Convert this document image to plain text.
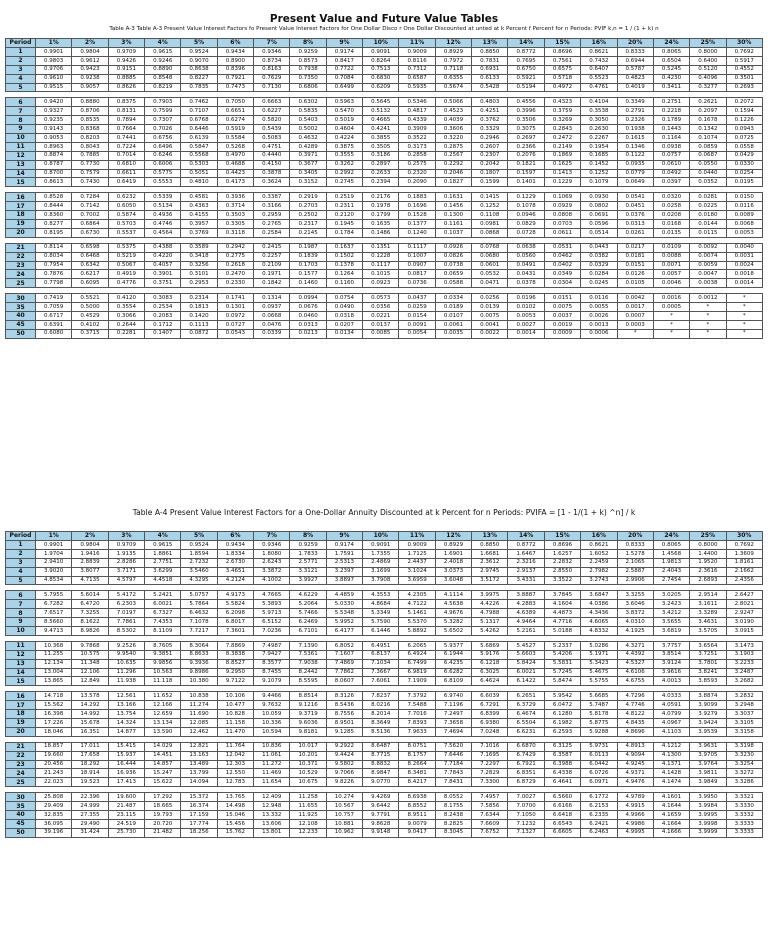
Present Value and Future Value Tables
Table A-3 Table A-3 Present Value Interest Factors fo Present Value Interest Factors for One Dollar Disco r One Dollar Discounted at unted at k Percent f Percent for n Periods: PVIF k,n = 1 / (1 + k) n
Period	1%	2%	3%	4%	5%	6%	7%	8%	9%	10%	11%	12%	13%	14%	15%	16%	20%	24%	25%	30%
1	0.9901	0.9804	0.9709	0.9615	0.9524	0.9434	0.9346	0.9259	0.9174	0.9091	0.9009	0.8929	0.8850	0.8772	0.8696	0.8621	0.8333	0.8065	0.8000	0.7692
2	0.9803	0.9612	0.9426	0.9246	0.9070	0.8900	0.8734	0.8573	0.8417	0.8264	0.8116	0.7972	0.7831	0.7695	0.7561	0.7432	0.6944	0.6504	0.6400	0.5917
3	0.9706	0.9423	0.9151	0.8890	0.8638	0.8396	0.8163	0.7938	0.7722	0.7513	0.7312	0.7118	0.6931	0.6750	0.6575	0.6407	0.5787	0.5245	0.5120	0.4552
4	0.9610	0.9238	0.8885	0.8548	0.8227	0.7921	0.7629	0.7350	0.7084	0.6830	0.6587	0.6355	0.6133	0.5921	0.5718	0.5523	0.4823	0.4230	0.4096	0.3501
5	0.9515	0.9057	0.8626	0.8219	0.7835	0.7473	0.7130	0.6806	0.6499	0.6209	0.5935	0.5674	0.5428	0.5194	0.4972	0.4761	0.4019	0.3411	0.3277	0.2693

6	0.9420	0.8880	0.8375	0.7903	0.7462	0.7050	0.6663	0.6302	0.5963	0.5645	0.5346	0.5066	0.4803	0.4556	0.4323	0.4104	0.3349	0.2751	0.2621	0.2072
7	0.9327	0.8706	0.8131	0.7599	0.7107	0.6651	0.6227	0.5835	0.5470	0.5132	0.4817	0.4523	0.4251	0.3996	0.3759	0.3538	0.2791	0.2218	0.2097	0.1594
8	0.9235	0.8535	0.7894	0.7307	0.6768	0.6274	0.5820	0.5403	0.5019	0.4665	0.4339	0.4039	0.3762	0.3506	0.3269	0.3050	0.2326	0.1789	0.1678	0.1226
9	0.9143	0.8368	0.7664	0.7026	0.6446	0.5919	0.5439	0.5002	0.4604	0.4241	0.3909	0.3606	0.3329	0.3075	0.2843	0.2630	0.1938	0.1443	0.1342	0.0943
10	0.9053	0.8203	0.7441	0.6756	0.6139	0.5584	0.5083	0.4632	0.4224	0.3855	0.3522	0.3220	0.2946	0.2697	0.2472	0.2267	0.1615	0.1164	0.1074	0.0725
11	0.8963	0.8043	0.7224	0.6496	0.5847	0.5268	0.4751	0.4289	0.3875	0.3505	0.3173	0.2875	0.2607	0.2366	0.2149	0.1954	0.1346	0.0938	0.0859	0.0558
12	0.8874	0.7885	0.7014	0.6246	0.5568	0.4970	0.4440	0.3971	0.3555	0.3186	0.2858	0.2567	0.2307	0.2076	0.1869	0.1685	0.1122	0.0757	0.0687	0.0429
13	0.8787	0.7730	0.6810	0.6006	0.5303	0.4688	0.4150	0.3677	0.3262	0.2897	0.2575	0.2292	0.2042	0.1821	0.1625	0.1452	0.0935	0.0610	0.0550	0.0330
14	0.8700	0.7579	0.6611	0.5775	0.5051	0.4423	0.3878	0.3405	0.2992	0.2633	0.2320	0.2046	0.1807	0.1597	0.1413	0.1252	0.0779	0.0492	0.0440	0.0254
15	0.8613	0.7430	0.6419	0.5553	0.4810	0.4173	0.3624	0.3152	0.2745	0.2394	0.2090	0.1827	0.1599	0.1401	0.1229	0.1079	0.0649	0.0397	0.0352	0.0195

16	0.8528	0.7284	0.6232	0.5339	0.4581	0.3936	0.3387	0.2919	0.2519	0.2176	0.1883	0.1631	0.1415	0.1229	0.1069	0.0930	0.0541	0.0320	0.0281	0.0150
17	0.8444	0.7142	0.6050	0.5134	0.4363	0.3714	0.3166	0.2703	0.2311	0.1978	0.1696	0.1456	0.1252	0.1078	0.0929	0.0802	0.0451	0.0258	0.0225	0.0116
18	0.8360	0.7002	0.5874	0.4936	0.4155	0.3503	0.2959	0.2502	0.2120	0.1799	0.1528	0.1300	0.1108	0.0946	0.0808	0.0691	0.0376	0.0208	0.0180	0.0089
19	0.8277	0.6864	0.5703	0.4746	0.3957	0.3305	0.2765	0.2317	0.1945	0.1635	0.1377	0.1161	0.0981	0.0829	0.0703	0.0596	0.0313	0.0168	0.0144	0.0068
20	0.8195	0.6730	0.5537	0.4564	0.3769	0.3118	0.2584	0.2145	0.1784	0.1486	0.1240	0.1037	0.0868	0.0728	0.0611	0.0514	0.0261	0.0135	0.0115	0.0053

21	0.8114	0.6598	0.5375	0.4388	0.3589	0.2942	0.2415	0.1987	0.1637	0.1351	0.1117	0.0926	0.0768	0.0638	0.0531	0.0443	0.0217	0.0109	0.0092	0.0040
22	0.8034	0.6468	0.5219	0.4220	0.3418	0.2775	0.2257	0.1839	0.1502	0.1228	0.1007	0.0826	0.0680	0.0560	0.0462	0.0382	0.0181	0.0088	0.0074	0.0031
23	0.7954	0.6342	0.5067	0.4057	0.3256	0.2618	0.2109	0.1703	0.1378	0.1117	0.0907	0.0738	0.0601	0.0491	0.0402	0.0329	0.0151	0.0071	0.0059	0.0024
24	0.7876	0.6217	0.4919	0.3901	0.3101	0.2470	0.1971	0.1577	0.1264	0.1015	0.0817	0.0659	0.0532	0.0431	0.0349	0.0284	0.0126	0.0057	0.0047	0.0018
25	0.7798	0.6095	0.4776	0.3751	0.2953	0.2330	0.1842	0.1460	0.1160	0.0923	0.0736	0.0588	0.0471	0.0378	0.0304	0.0245	0.0105	0.0046	0.0038	0.0014

30	0.7419	0.5521	0.4120	0.3083	0.2314	0.1741	0.1314	0.0994	0.0754	0.0573	0.0437	0.0334	0.0256	0.0196	0.0151	0.0116	0.0042	0.0016	0.0012	*
35	0.7059	0.5000	0.3554	0.2534	0.1813	0.1301	0.0937	0.0676	0.0490	0.0356	0.0259	0.0189	0.0139	0.0102	0.0075	0.0055	0.0017	0.0005	*	*
40	0.6717	0.4529	0.3066	0.2083	0.1420	0.0972	0.0668	0.0460	0.0318	0.0221	0.0154	0.0107	0.0075	0.0053	0.0037	0.0026	0.0007	*	*	*
45	0.6391	0.4102	0.2644	0.1712	0.1113	0.0727	0.0476	0.0313	0.0207	0.0137	0.0091	0.0061	0.0041	0.0027	0.0019	0.0013	0.0003	*	*	*
50	0.6080	0.3715	0.2281	0.1407	0.0872	0.0543	0.0339	0.0213	0.0134	0.0085	0.0054	0.0035	0.0022	0.0014	0.0009	0.0006	*	*	*	*
Table A-4 Present Value Interest Factors for a One-Dollar Annuity Discounted at k Percent for n Periods: PVIFA = [1 - 1/(1 + k) ^n] / k
Period	1%	2%	3%	4%	5%	6%	7%	8%	9%	10%	11%	12%	13%	14%	15%	16%	20%	24%	25%	30%
1	0.9901	0.9804	0.9709	0.9615	0.9524	0.9434	0.9346	0.9259	0.9174	0.9091	0.9009	0.8929	0.8850	0.8772	0.8696	0.8621	0.8333	0.8065	0.8000	0.7692
2	1.9704	1.9416	1.9135	1.8861	1.8594	1.8334	1.8080	1.7833	1.7591	1.7355	1.7125	1.6901	1.6681	1.6467	1.6257	1.6052	1.5278	1.4568	1.4400	1.3609
3	2.9410	2.8839	2.8286	2.7751	2.7232	2.6730	2.6243	2.5771	2.5313	2.4869	2.4437	2.4018	2.3612	2.3216	2.2832	2.2459	2.1065	1.9813	1.9520	1.8161
4	3.9020	3.8077	3.7171	3.6299	3.5460	3.4651	3.3872	3.3121	3.2397	3.1699	3.1024	3.0373	2.9745	2.9137	2.8550	2.7982	2.5887	2.4043	2.3616	2.1662
5	4.8534	4.7135	4.5797	4.4518	4.3295	4.2124	4.1002	3.9927	3.8897	3.7908	3.6959	3.6048	3.5172	3.4331	3.3522	3.2743	2.9906	2.7454	2.6893	2.4356

6	5.7955	5.6014	5.4172	5.2421	5.0757	4.9173	4.7665	4.6229	4.4859	4.3553	4.2305	4.1114	3.9975	3.8887	3.7845	3.6847	3.3255	3.0205	2.9514	2.6427
7	6.7282	6.4720	6.2303	6.0021	5.7864	5.5824	5.3893	5.2064	5.0330	4.8684	4.7122	4.5638	4.4226	4.2883	4.1604	4.0386	3.6046	3.2423	3.1611	2.8021
8	7.6517	7.3255	7.0197	6.7327	6.4632	6.2098	5.9713	5.7466	5.5348	5.3349	5.1461	4.9676	4.7988	4.6389	4.4873	4.3436	3.8372	3.4212	3.3289	2.9247
9	8.5660	8.1622	7.7861	7.4353	7.1078	6.8017	6.5152	6.2469	5.9952	5.7590	5.5370	5.3282	5.1317	4.9464	4.7716	4.6065	4.0310	3.5655	3.4631	3.0190
10	9.4713	8.9826	8.5302	8.1109	7.7217	7.3601	7.0236	6.7101	6.4177	6.1446	5.8892	5.6502	5.4262	5.2161	5.0188	4.8332	4.1925	3.6819	3.5705	3.0915

11	10.368	9.7868	9.2526	8.7605	8.3064	7.8869	7.4987	7.1390	6.8052	6.4951	6.2065	5.9377	5.6869	5.4527	5.2337	5.0286	4.3271	3.7757	3.6564	3.1473
12	11.255	10.575	9.9540	9.3851	8.8633	8.3838	7.9427	7.5361	7.1607	6.8137	6.4924	6.1944	5.9176	5.6603	5.4206	5.1971	4.4392	3.8514	3.7251	3.1903
13	12.134	11.348	10.635	9.9856	9.3936	8.8527	8.3577	7.9038	7.4869	7.1034	6.7499	6.4235	6.1218	5.8424	5.5831	5.3423	4.5327	3.9124	3.7801	3.2233
14	13.004	12.106	11.296	10.563	9.8986	9.2950	8.7455	8.2442	7.7862	7.3667	6.9819	6.6282	6.3025	6.0021	5.7245	5.4675	4.6106	3.9616	3.8241	3.2487
15	13.865	12.849	11.938	11.118	10.380	9.7122	9.1079	8.5595	8.0607	7.6061	7.1909	6.8109	6.4624	6.1422	5.8474	5.5755	4.6755	4.0013	3.8593	3.2682

16	14.718	13.578	12.561	11.652	10.838	10.106	9.4466	8.8514	8.3126	7.8237	7.3792	6.9740	6.6039	6.2651	5.9542	5.6685	4.7296	4.0333	3.8874	3.2832
17	15.562	14.292	13.166	12.166	11.274	10.477	9.7632	9.1216	8.5436	8.0216	7.5488	7.1196	6.7291	6.3729	6.0472	5.7487	4.7746	4.0591	3.9099	3.2948
18	16.398	14.992	13.754	12.659	11.690	10.828	10.059	9.3719	8.7556	8.2014	7.7016	7.2497	6.8399	6.4674	6.1280	5.8178	4.8122	4.0799	3.9279	3.3037
19	17.226	15.678	14.324	13.134	12.085	11.158	10.336	9.6036	8.9501	8.3649	7.8393	7.3658	6.9380	6.5504	6.1982	5.8775	4.8435	4.0967	3.9424	3.3105
20	18.046	16.351	14.877	13.590	12.462	11.470	10.594	9.8181	9.1285	8.5136	7.9633	7.4694	7.0248	6.6231	6.2593	5.9288	4.8696	4.1103	3.9539	3.3158

21	18.857	17.011	15.415	14.029	12.821	11.764	10.836	10.017	9.2922	8.6487	8.0751	7.5620	7.1016	6.6870	6.3125	5.9731	4.8913	4.1212	3.9631	3.3198
22	19.660	17.658	15.937	14.451	13.163	12.042	11.061	10.201	9.4424	8.7715	8.1757	7.6446	7.1695	6.7429	6.3587	6.0113	4.9094	4.1300	3.9705	3.3230
23	20.456	18.292	16.444	14.857	13.489	12.303	11.272	10.371	9.5802	8.8832	8.2664	7.7184	7.2297	6.7921	6.3988	6.0442	4.9245	4.1371	3.9764	3.3254
24	21.243	18.914	16.936	15.247	13.799	12.550	11.469	10.529	9.7066	8.9847	8.3481	7.7843	7.2829	6.8351	6.4338	6.0726	4.9371	4.1428	3.9811	3.3272
25	22.023	19.523	17.413	15.622	14.094	12.783	11.654	10.675	9.8226	9.0770	8.4217	7.8431	7.3300	6.8729	6.4641	6.0971	4.9476	4.1474	3.9849	3.3286

30	25.808	22.396	19.600	17.292	15.372	13.765	12.409	11.258	10.274	9.4269	8.6938	8.0552	7.4957	7.0027	6.5660	6.1772	4.9789	4.1601	3.9950	3.3321
35	29.409	24.999	21.487	18.665	16.374	14.498	12.948	11.655	10.567	9.6442	8.8552	8.1755	7.5856	7.0700	6.6166	6.2153	4.9915	4.1644	3.9984	3.3330
40	32.835	27.355	23.115	19.793	17.159	15.046	13.332	11.925	10.757	9.7791	8.9511	8.2438	7.6344	7.1050	6.6418	6.2335	4.9966	4.1659	3.9995	3.3332
45	36.095	29.490	24.519	20.720	17.774	15.456	13.606	12.108	10.881	9.8628	9.0079	8.2825	7.6609	7.1232	6.6543	6.2421	4.9986	4.1664	3.9998	3.3333
50	39.196	31.424	25.730	21.482	18.256	15.762	13.801	12.233	10.962	9.9148	9.0417	8.3045	7.6752	7.1327	6.6605	6.2463	4.9995	4.1666	3.9999	3.3333
